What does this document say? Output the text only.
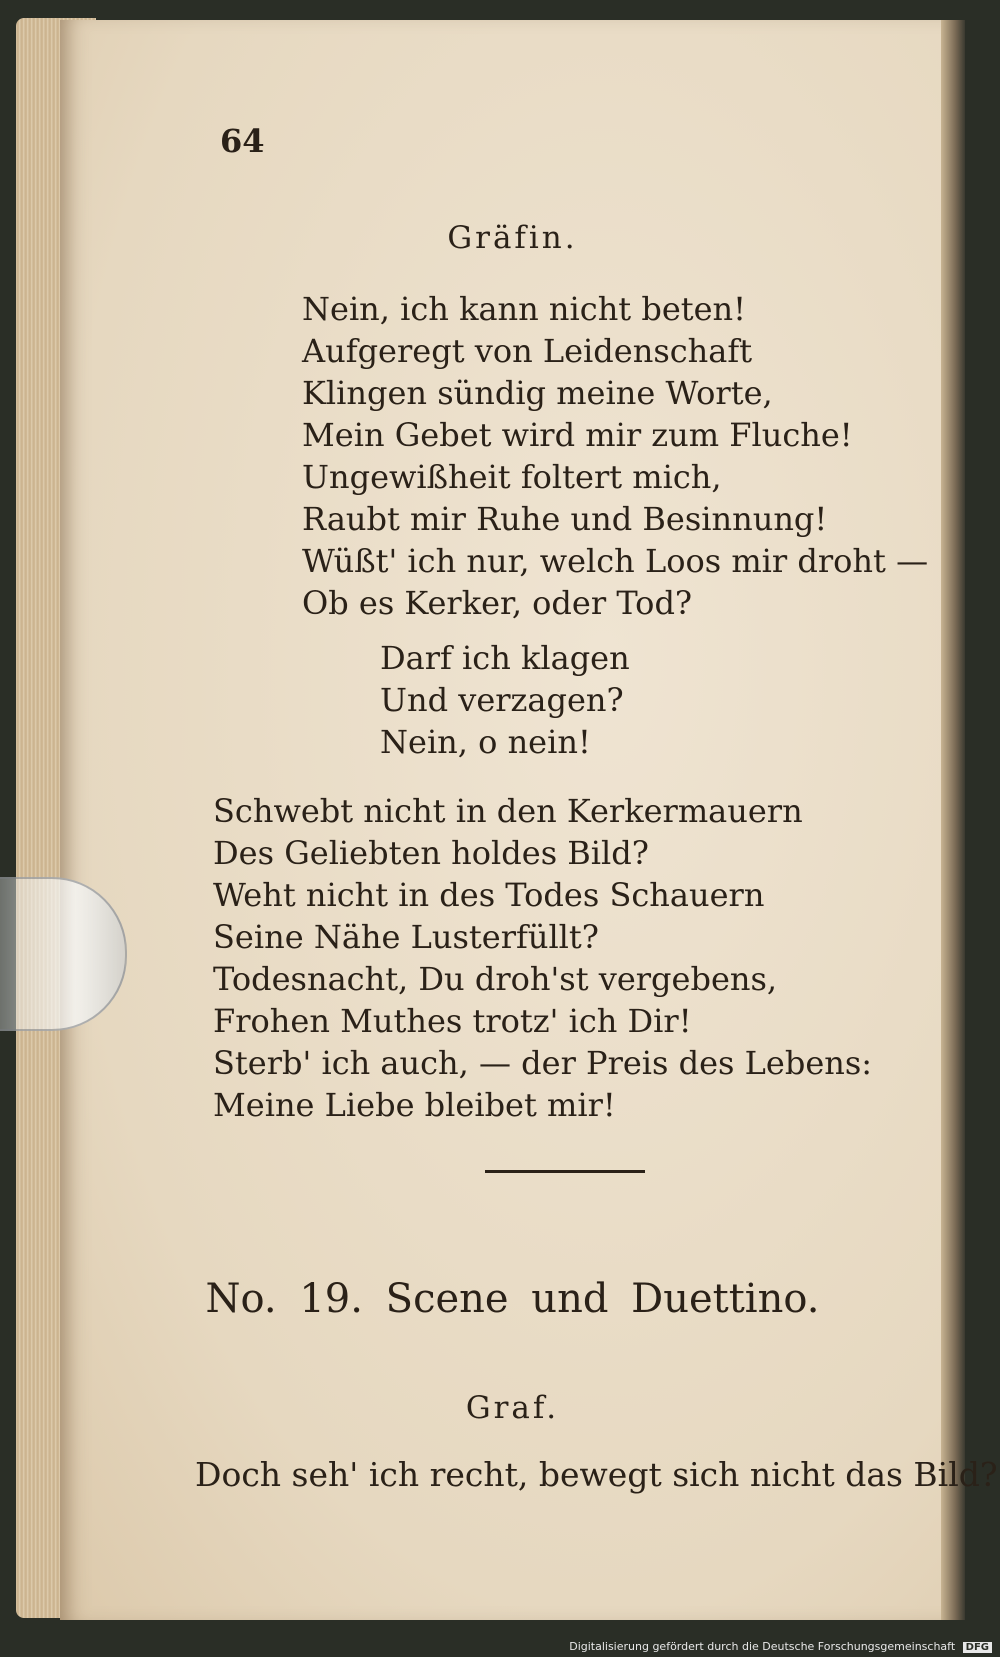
64
Gräfin.
Nein, ich kann nicht beten!
Aufgeregt von Leidenschaft
Klingen sündig meine Worte,
Mein Gebet wird mir zum Fluche!
Ungewißheit foltert mich,
Raubt mir Ruhe und Besinnung!
Wüßt' ich nur, welch Loos mir droht —
Ob es Kerker, oder Tod?
Darf ich klagen
Und verzagen?
Nein, o nein!
Schwebt nicht in den Kerkermauern
Des Geliebten holdes Bild?
Weht nicht in des Todes Schauern
Seine Nähe Lusterfüllt?
Todesnacht, Du droh'st vergebens,
Frohen Muthes trotz' ich Dir!
Sterb' ich auch, — der Preis des Lebens:
Meine Liebe bleibet mir!
No. 19. Scene und Duettino.
Graf.
Doch seh' ich recht, bewegt sich nicht das Bild?
Digitalisierung gefördert durch die Deutsche Forschungsgemeinschaft DFG
